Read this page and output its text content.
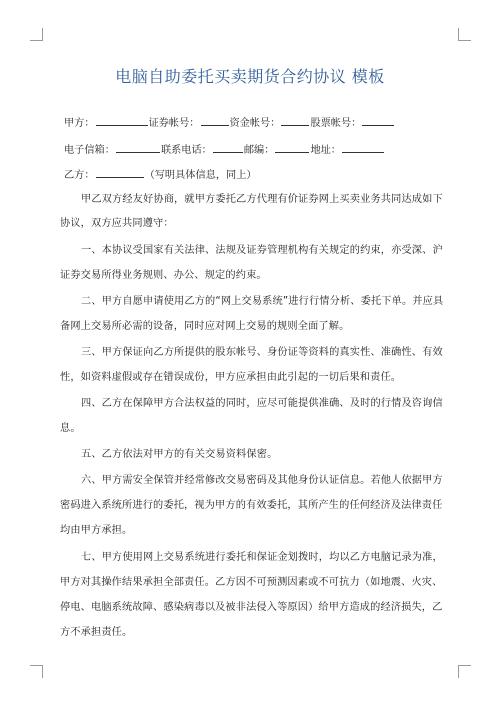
电脑自助委托买卖期货合约协议 模板
甲方：	证券帐号：	资金帐号：	股票帐号：
电子信箱：	联系电话：	邮编：	地址：
乙方：	（写明具体信息，同上）
甲乙双方经友好协商，就甲方委托乙方代理有价证券网上买卖业务共同达成如下
协议，双方应共同遵守：
一、本协议受国家有关法律、法规及证券管理机构有关规定的约束，亦受深、沪
证券交易所得业务规则、办公、规定的约束。
二、甲方自愿申请使用乙方的“网上交易系统”进行行情分析、委托下单。并应具
备网上交易所必需的设备，同时应对网上交易的规则全面了解。
三、甲方保证向乙方所提供的股东帐号、身份证等资料的真实性、准确性、有效
性，如资料虚假或存在错误成份，甲方应承担由此引起的一切后果和责任。
四、乙方在保障甲方合法权益的同时，应尽可能提供准确、及时的行情及咨询信
息。
五、乙方依法对甲方的有关交易资料保密。
六、甲方需安全保管并经常修改交易密码及其他身份认证信息。若他人依据甲方
密码进入系统所进行的委托，视为甲方的有效委托，其所产生的任何经济及法律责任
均由甲方承担。
七、甲方使用网上交易系统进行委托和保证金划拨时，均以乙方电脑记录为准，
甲方对其操作结果承担全部责任。乙方因不可预测因素或不可抗力（如地震、火灾、
停电、电脑系统故障、感染病毒以及被非法侵入等原因）给甲方造成的经济损失，乙
方不承担责任。
